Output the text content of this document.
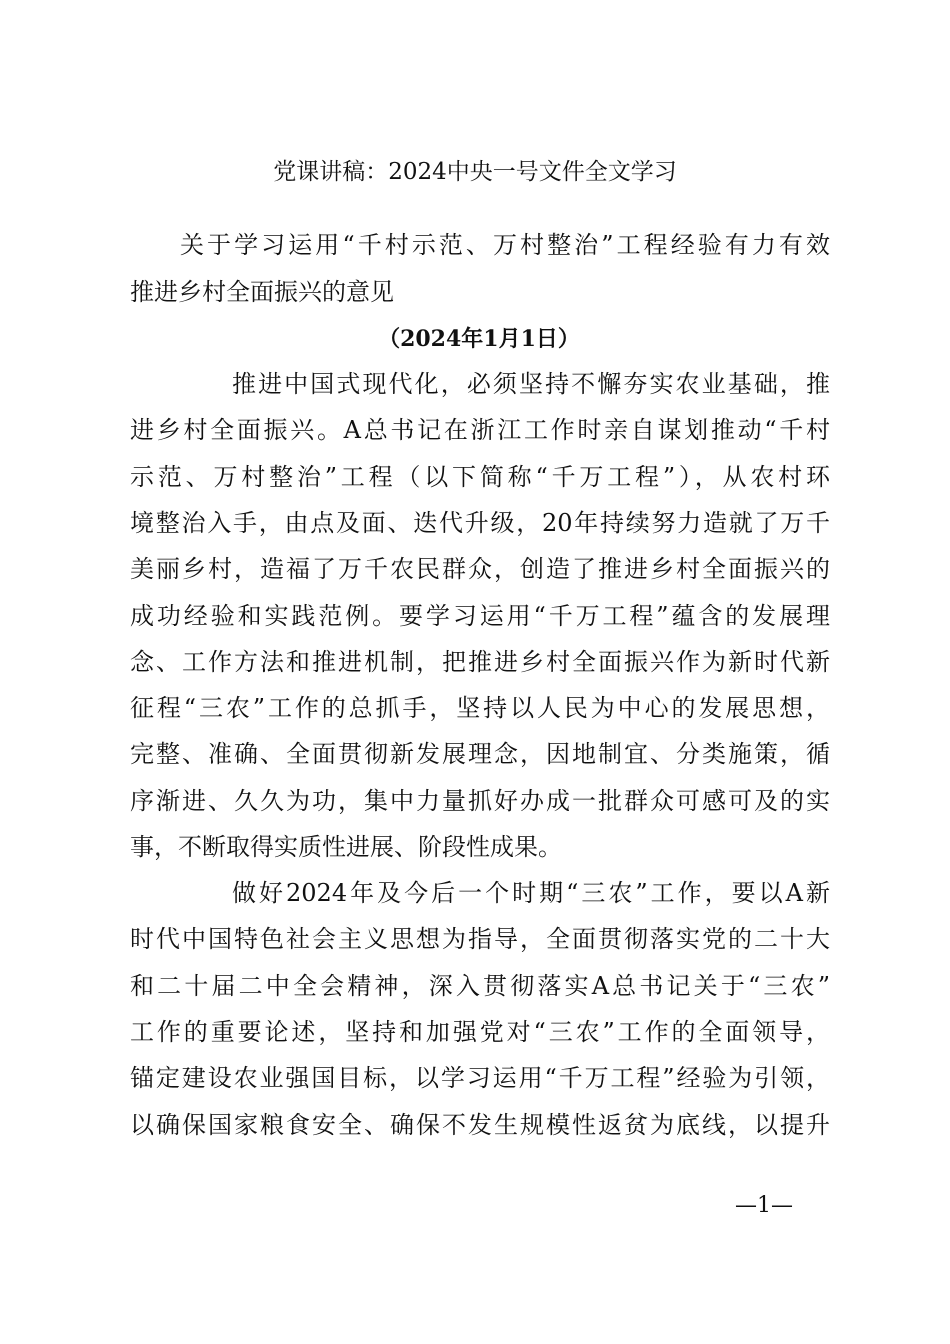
党课讲稿：2024中央一号文件全文学习
关于学习运用“千村示范、万村整治”工程经验有力有效
推进乡村全面振兴的意见
（2024年1月1日）
推进中国式现代化，必须坚持不懈夯实农业基础，推
进乡村全面振兴。A总书记在浙江工作时亲自谋划推动“千村
示范、万村整治”工程（以下简称“千万工程”），从农村环
境整治入手，由点及面、迭代升级，20年持续努力造就了万千
美丽乡村，造福了万千农民群众，创造了推进乡村全面振兴的
成功经验和实践范例。要学习运用“千万工程”蕴含的发展理
念、工作方法和推进机制，把推进乡村全面振兴作为新时代新
征程“三农”工作的总抓手，坚持以人民为中心的发展思想，
完整、准确、全面贯彻新发展理念，因地制宜、分类施策，循
序渐进、久久为功，集中力量抓好办成一批群众可感可及的实
事，不断取得实质性进展、阶段性成果。
做好2024年及今后一个时期“三农”工作，要以A新
时代中国特色社会主义思想为指导，全面贯彻落实党的二十大
和二十届二中全会精神，深入贯彻落实A总书记关于“三农”
工作的重要论述，坚持和加强党对“三农”工作的全面领导，
锚定建设农业强国目标，以学习运用“千万工程”经验为引领，
以确保国家粮食安全、确保不发生规模性返贫为底线，以提升
—1—
